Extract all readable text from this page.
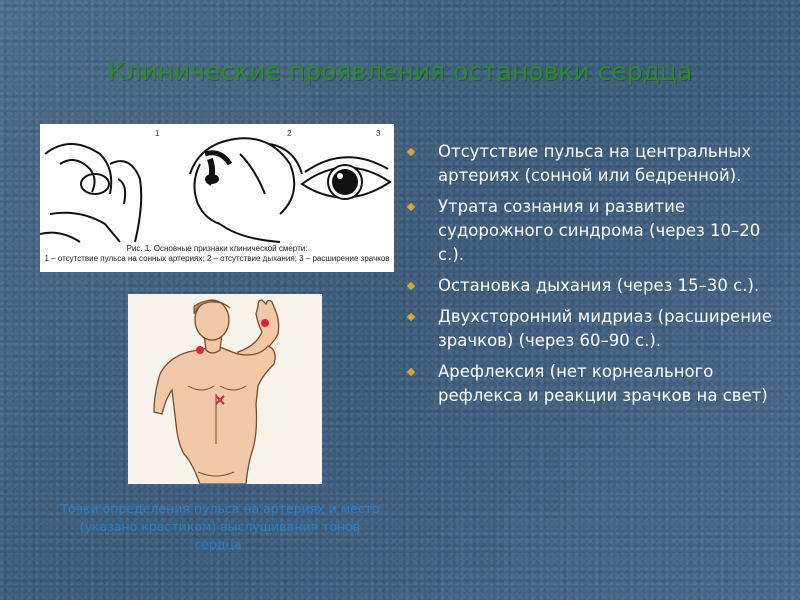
Клинические проявления остановки сердца
1	2	3
Рис. 1. Основные признаки клинической смерти:
1 – отсутствие пульса на сонных артериях; 2 – отсутствие дыхания; 3 – расширение зрачков
Точки определения пульса на артериях и место (указано крестиком) выслушивания тонов сердца.
Отсутствие пульса на центральных артериях (сонной или бедренной).
Утрата сознания и развитие судорожного синдрома (через 10–20 с.).
Остановка дыхания (через 15–30 с.).
Двухсторонний мидриаз (расширение зрачков) (через 60–90 с.).
Арефлексия (нет корнеального рефлекса и реакции зрачков на свет)
